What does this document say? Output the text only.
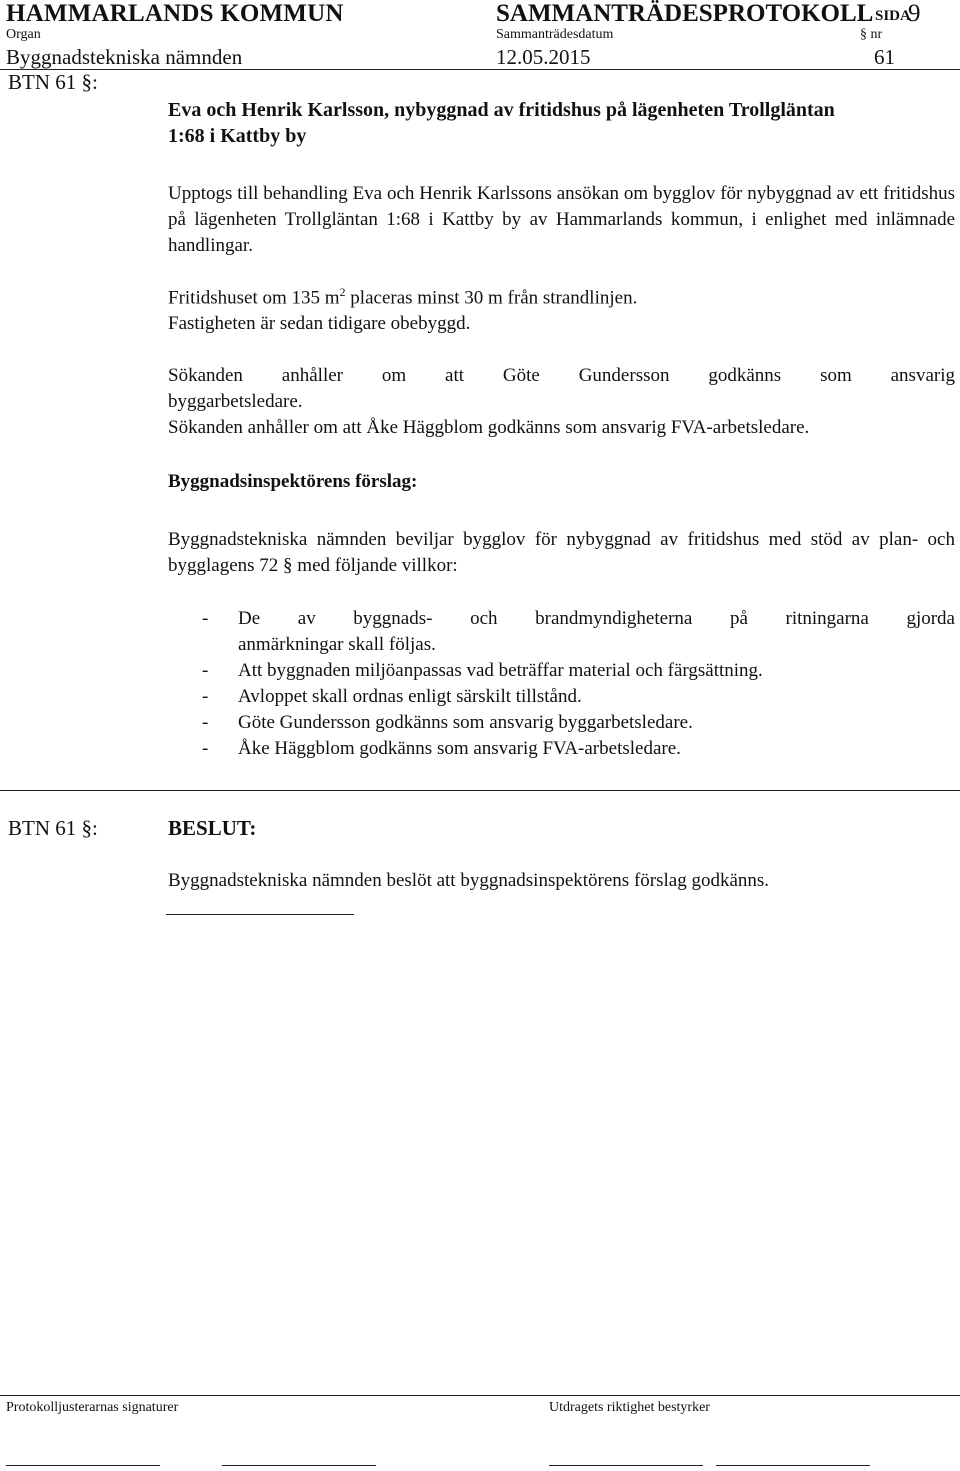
HAMMARLANDS KOMMUN	SAMMANTRÄDESPROTOKOLL SIDA
9
Organ	Sammanträdesdatum	§ nr
Byggnadstekniska nämnden	12.05.2015	61
BTN 61 §:
Eva och Henrik Karlsson, nybyggnad av fritidshus på lägenheten Trollgläntan
1:68 i Kattby by

Upptogs till behandling Eva och Henrik Karlssons ansökan om bygglov för nybyggnad av ett fritidshus på lägenheten Trollgläntan 1:68 i Kattby by av Hammarlands kommun, i enlighet med inlämnade handlingar.

Fritidshuset om 135 $m^2$ placeras minst 30 m från strandlinjen.

Fastigheten är sedan tidigare obebyggd.

Sökanden anhåller om att Göte Gundersson godkänns som ansvarig

byggarbetsledare.

Sökanden anhåller om att Åke Häggblom godkänns som ansvarig FVA-arbetsledare.

Byggnadsinspektörens förslag:

Byggnadstekniska nämnden beviljar bygglov för nybyggnad av fritidshus med stöd av plan- och bygglagens 72 § med följande villkor:

- De av byggnads- och brandmyndigheterna på ritningarna gjorda
anmärkningar skall följas.
- Att byggnaden miljöanpassas vad beträffar material och färgsättning.
- Avloppet skall ordnas enligt särskilt tillstånd.
- Göte Gundersson godkänns som ansvarig byggarbetsledare.
- Åke Häggblom godkänns som ansvarig FVA-arbetsledare.
BTN 61 §:	BESLUT:
Byggnadstekniska nämnden beslöt att byggnadsinspektörens förslag godkänns.
Protokolljusterarnas signaturer	Utdragets riktighet bestyrker
